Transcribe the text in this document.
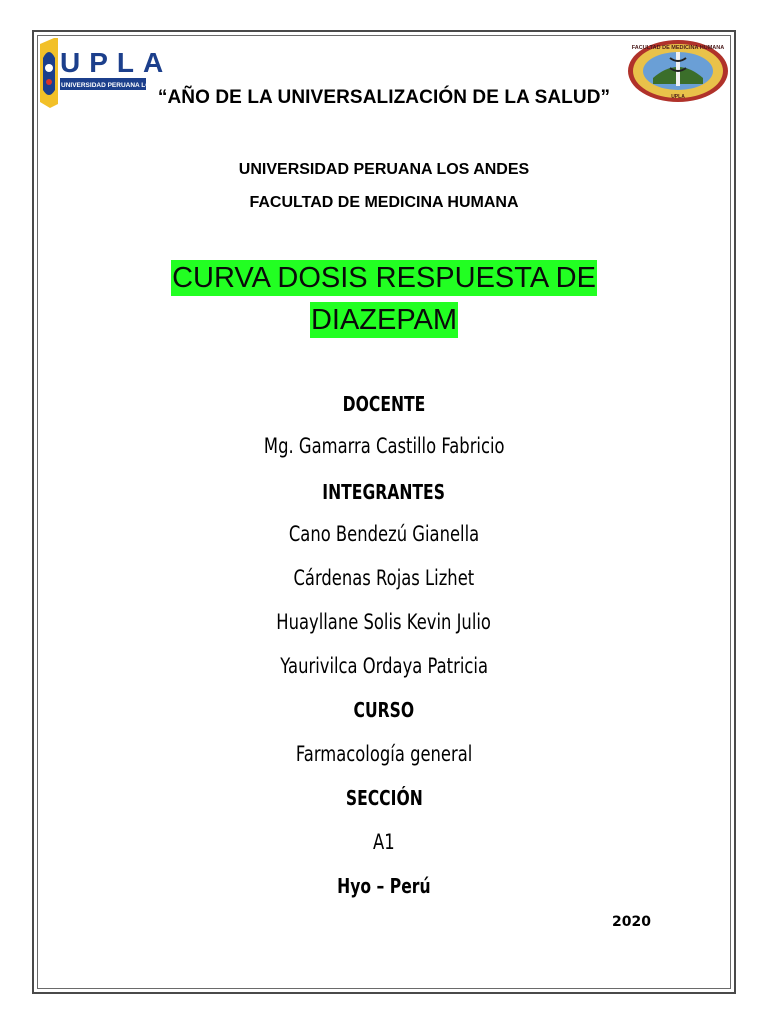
UPLA
UNIVERSIDAD PERUANA LOS ANDES
FACULTAD DE MEDICINA HUMANA
UPLA
“AÑO DE LA UNIVERSALIZACIÓN DE LA SALUD”
UNIVERSIDAD PERUANA LOS ANDES
FACULTAD DE MEDICINA HUMANA
CURVA DOSIS RESPUESTA DE
DIAZEPAM
DOCENTE
Mg. Gamarra Castillo Fabricio
INTEGRANTES
Cano Bendezú Gianella
Cárdenas Rojas Lizhet
Huayllane Solis Kevin Julio
Yaurivilca Ordaya Patricia
CURSO
Farmacología general
SECCIÓN
A1
Hyo – Perú
2020
